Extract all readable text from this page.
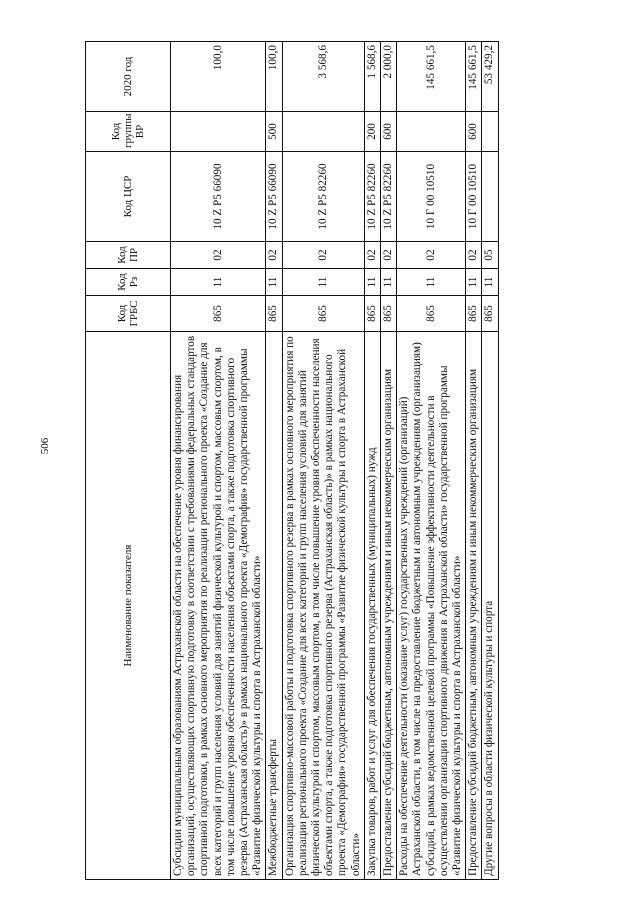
506
Наименование показателя	Код ГРБС	Код Рз	Код ПР	Код ЦСР	Код группы ВР	2020 год
Субсидии муниципальным образованиям Астраханской области на обеспечение уровня финансирования организаций, осуществляющих спортивную подготовку в соответствии с требованиями федеральных стандартов спортивной подготовки, в рамках основного мероприятия по реализации регионального проекта «Создание для всех категорий и групп населения условий для занятий физической культурой и спортом, массовым спортом, в том числе повышение уровня обеспеченности населения объектами спорта, а также подготовка спортивного резерва (Астраханская область)» в рамках национального проекта «Демография» государственной программы «Развитие физической культуры и спорта в Астраханской области»	865	11	02	10 Z P5 66090		100,0
Межбюджетные трансферты	865	11	02	10 Z P5 66090	500	100,0
Организация спортивно-массовой работы и подготовка спортивного резерва в рамках основного мероприятия по реализации регионального проекта «Создание для всех категорий и групп населения условий для занятий физической культурой и спортом, массовым спортом, в том числе повышение уровня обеспеченности населения объектами спорта, а также подготовка спортивного резерва (Астраханская область)» в рамках национального проекта «Демография» государственной программы «Развитие физической культуры и спорта в Астраханской области»	865	11	02	10 Z P5 82260		3 568,6
Закупка товаров, работ и услуг для обеспечения государственных (муниципальных) нужд	865	11	02	10 Z P5 82260	200	1 568,6
Предоставление субсидий бюджетным, автономным учреждениям и иным некоммерческим организациям	865	11	02	10 Z P5 82260	600	2 000,0
Расходы на обеспечение деятельности (оказание услуг) государственных учреждений (организаций) Астраханской области, в том числе на предоставление бюджетным и автономным учреждениям (организациям) субсидий, в рамках ведомственной целевой программы «Повышение эффективности деятельности в осуществлении организации спортивного движения в Астраханской области» государственной программы «Развитие физической культуры и спорта в Астраханской области»	865	11	02	10 Г 00 10510		145 661,5
Предоставление субсидий бюджетным, автономным учреждениям и иным некоммерческим организациям	865	11	02	10 Г 00 10510	600	145 661,5
Другие вопросы в области физической культуры и спорта	865	11	05			53 429,2
